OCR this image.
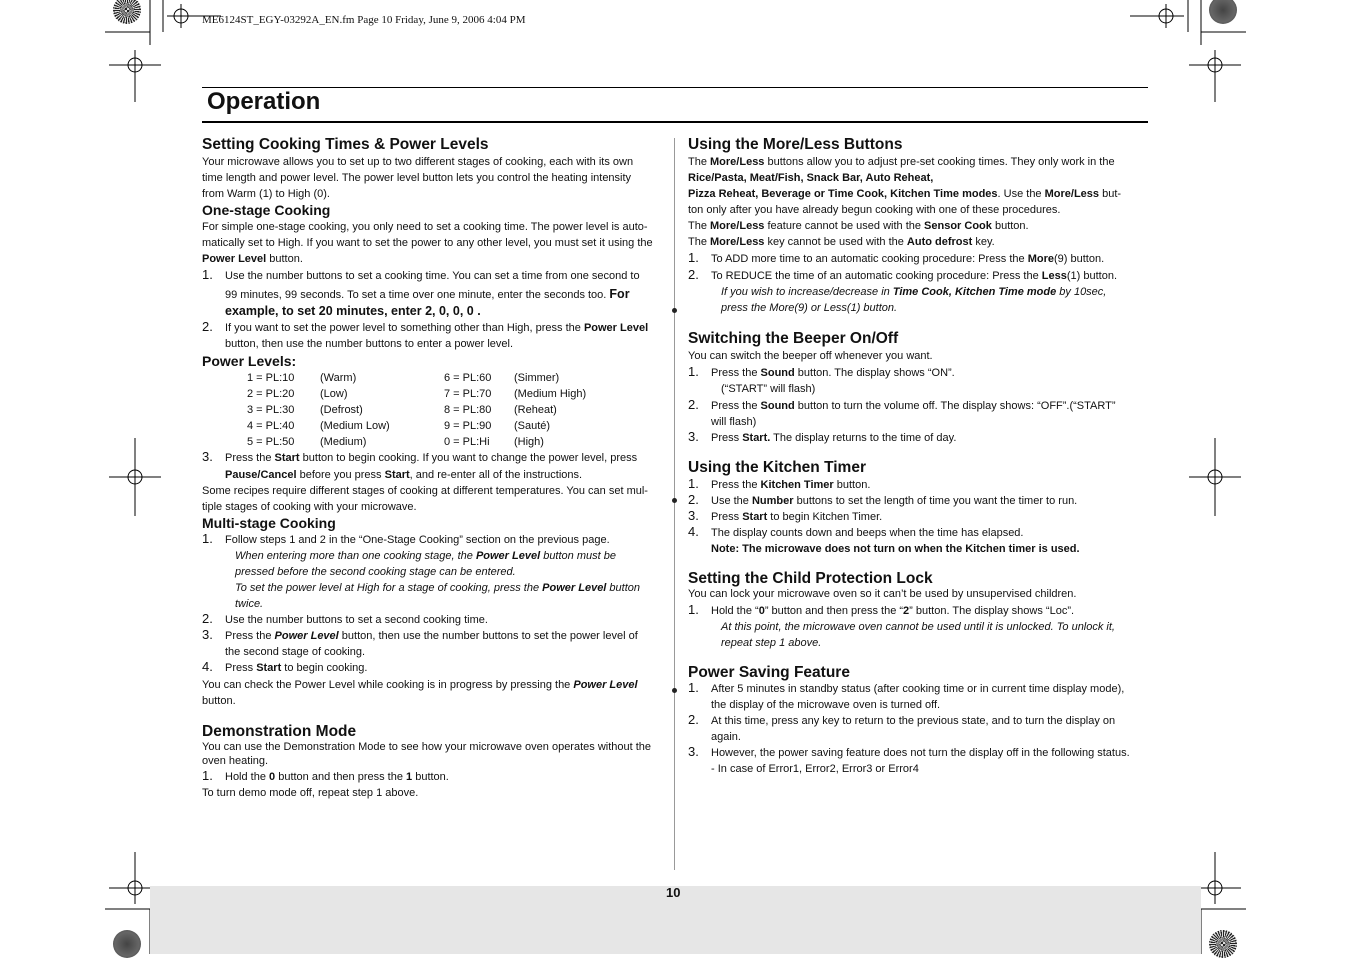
ME6124ST_EGY-03292A_EN.fm Page 10 Friday, June 9, 2006 4:04 PM
Operation
Setting Cooking Times & Power Levels

Your microwave allows you to set up to two different stages of cooking, each with its own

time length and power level. The power level button lets you control the heating intensity

from Warm (1) to High (0).

One-stage Cooking

For simple one-stage cooking, you only need to set a cooking time. The power level is auto-

matically set to High. If you want to set the power to any other level, you must set it using the

Power Level button.

1. Use the number buttons to set a cooking time. You can set a time from one second to
99 minutes, 99 seconds. To set a time over one minute, enter the seconds too. For
example, to set 20 minutes, enter 2, 0, 0, 0 .
2. If you want to set the power level to something other than High, press the Power Level
button, then use the number buttons to enter a power level.
Power Levels:
1 = PL:10	(Warm)	6 = PL:60	(Simmer)
2 = PL:20	(Low)	7 = PL:70	(Medium High)
3 = PL:30	(Defrost)	8 = PL:80	(Reheat)
4 = PL:40	(Medium Low)	9 = PL:90	(Sauté)
5 = PL:50	(Medium)	0 = PL:Hi	(High)
3. Press the Start button to begin cooking. If you want to change the power level, press
Pause/Cancel before you press Start, and re-enter all of the instructions.

Some recipes require different stages of cooking at different temperatures. You can set mul-

tiple stages of cooking with your microwave.

Multi-stage Cooking
1. Follow steps 1 and 2 in the “One-Stage Cooking” section on the previous page.
When entering more than one cooking stage, the Power Level button must be
pressed before the second cooking stage can be entered.
To set the power level at High for a stage of cooking, press the Power Level button
twice.
2. Use the number buttons to set a second cooking time.
3. Press the Power Level button, then use the number buttons to set the power level of
the second stage of cooking.
4. Press Start to begin cooking.

You can check the Power Level while cooking is in progress by pressing the Power Level

button.

Demonstration Mode

You can use the Demonstration Mode to see how your microwave oven operates without the

oven heating.

1. Hold the 0 button and then press the 1 button.

To turn demo mode off, repeat step 1 above.

Using the More/Less Buttons

The More/Less buttons allow you to adjust pre-set cooking times. They only work in the

Rice/Pasta, Meat/Fish, Snack Bar, Auto Reheat,

Pizza Reheat, Beverage or Time Cook, Kitchen Time modes. Use the More/Less but-

ton only after you have already begun cooking with one of these procedures.

The More/Less feature cannot be used with the Sensor Cook button.

The More/Less key cannot be used with the Auto defrost key.

1. To ADD more time to an automatic cooking procedure: Press the More(9) button.
2. To REDUCE the time of an automatic cooking procedure: Press the Less(1) button.
If you wish to increase/decrease in Time Cook, Kitchen Time mode by 10sec,
press the More(9) or Less(1) button.
Switching the Beeper On/Off

You can switch the beeper off whenever you want.

1. Press the Sound button. The display shows “ON”.
(“START” will flash)
2. Press the Sound button to turn the volume off. The display shows: “OFF”.(“START”
will flash)
3. Press Start. The display returns to the time of day.
Using the Kitchen Timer
1. Press the Kitchen Timer button.
2. Use the Number buttons to set the length of time you want the timer to run.
3. Press Start to begin Kitchen Timer.
4. The display counts down and beeps when the time has elapsed.
Note: The microwave does not turn on when the Kitchen timer is used.
Setting the Child Protection Lock

You can lock your microwave oven so it can’t be used by unsupervised children.

1. Hold the “0” button and then press the “2” button. The display shows “Loc”.
At this point, the microwave oven cannot be used until it is unlocked. To unlock it,
repeat step 1 above.
Power Saving Feature
1. After 5 minutes in standby status (after cooking time or in current time display mode),
the display of the microwave oven is turned off.
2. At this time, press any key to return to the previous state, and to turn the display on
again.
3. However, the power saving feature does not turn the display off in the following status.
- In case of Error1, Error2, Error3 or Error4
10
